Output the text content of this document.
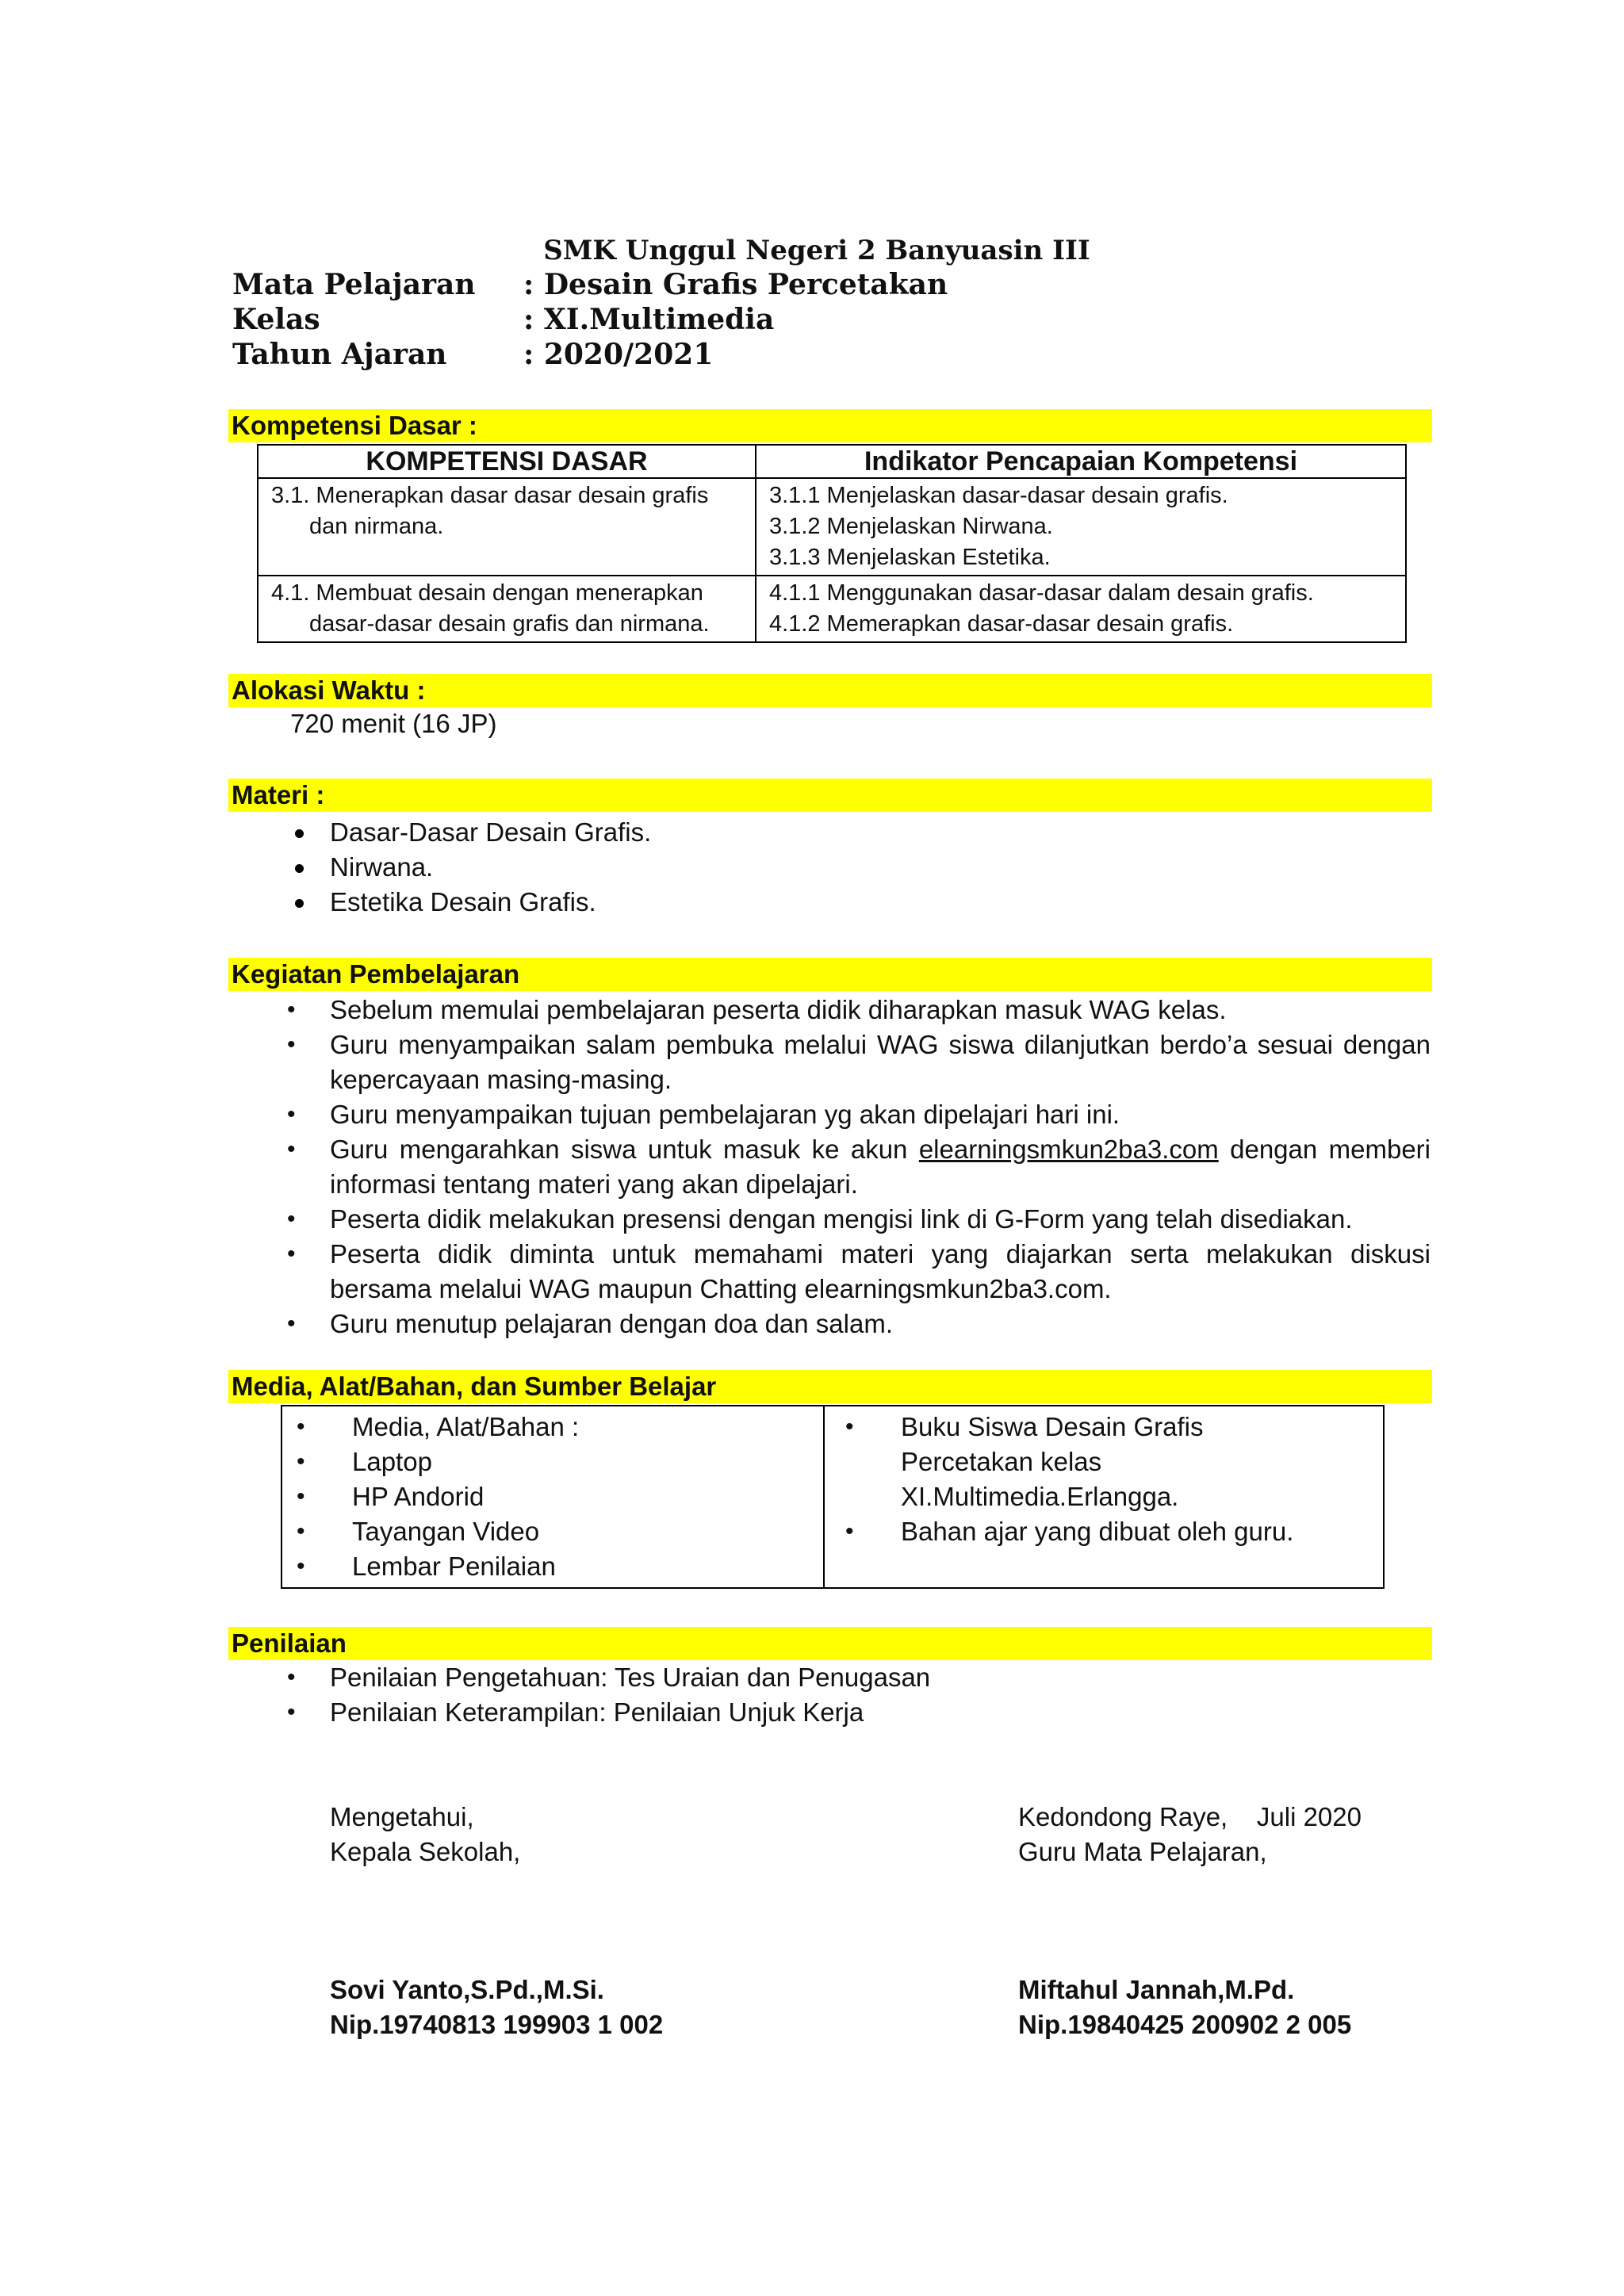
SMK Unggul Negeri 2 Banyuasin III
Mata Pelajaran : Desain Grafis Percetakan
Kelas	: XI.Multimedia
Tahun Ajaran	: 2020/2021
Kompetensi Dasar :
KOMPETENSI DASAR	Indikator Pencapaian Kompetensi

3.1. Menerapkan dasar dasar desain grafis dan nirmana.	3.1.1 Menjelaskan dasar-dasar desain grafis.
3.1.2 Menjelaskan Nirwana.
3.1.3 Menjelaskan Estetika.

4.1. Membuat desain dengan menerapkan dasar-dasar desain grafis dan nirmana.	4.1.1 Menggunakan dasar-dasar dalam desain grafis.
4.1.2 Memerapkan dasar-dasar desain grafis.
Alokasi Waktu :
720 menit (16 JP)
Materi :
Dasar-Dasar Desain Grafis.
Nirwana.
Estetika Desain Grafis.
Kegiatan Pembelajaran
• Sebelum memulai pembelajaran peserta didik diharapkan masuk WAG kelas.
• Guru menyampaikan salam pembuka melalui WAG siswa dilanjutkan berdo’a sesuai dengan kepercayaan masing-masing.
• Guru menyampaikan tujuan pembelajaran yg akan dipelajari hari ini.
• Guru mengarahkan siswa untuk masuk ke akun elearningsmkun2ba3.com dengan memberi informasi tentang materi yang akan dipelajari.
• Peserta didik melakukan presensi dengan mengisi link di G-Form yang telah disediakan.
• Peserta didik diminta untuk memahami materi yang diajarkan serta melakukan diskusi bersama melalui WAG maupun Chatting elearningsmkun2ba3.com.
• Guru menutup pelajaran dengan doa dan salam.
Media, Alat/Bahan, dan Sumber Belajar
• Media, Alat/Bahan :
• Laptop
• HP Andorid
• Tayangan Video
• Lembar Penilaian

• Buku Siswa Desain Grafis Percetakan kelas XI.Multimedia.Erlangga.
• Bahan ajar yang dibuat oleh guru.
Penilaian
• Penilaian Pengetahuan: Tes Uraian dan Penugasan
• Penilaian Keterampilan: Penilaian Unjuk Kerja
Mengetahui,
Kepala Sekolah,
Sovi Yanto,S.Pd.,M.Si.
Nip.19740813 199903 1 002
Kedondong Raye,    Juli 2020
Guru Mata Pelajaran,
Miftahul Jannah,M.Pd.
Nip.19840425 200902 2 005
